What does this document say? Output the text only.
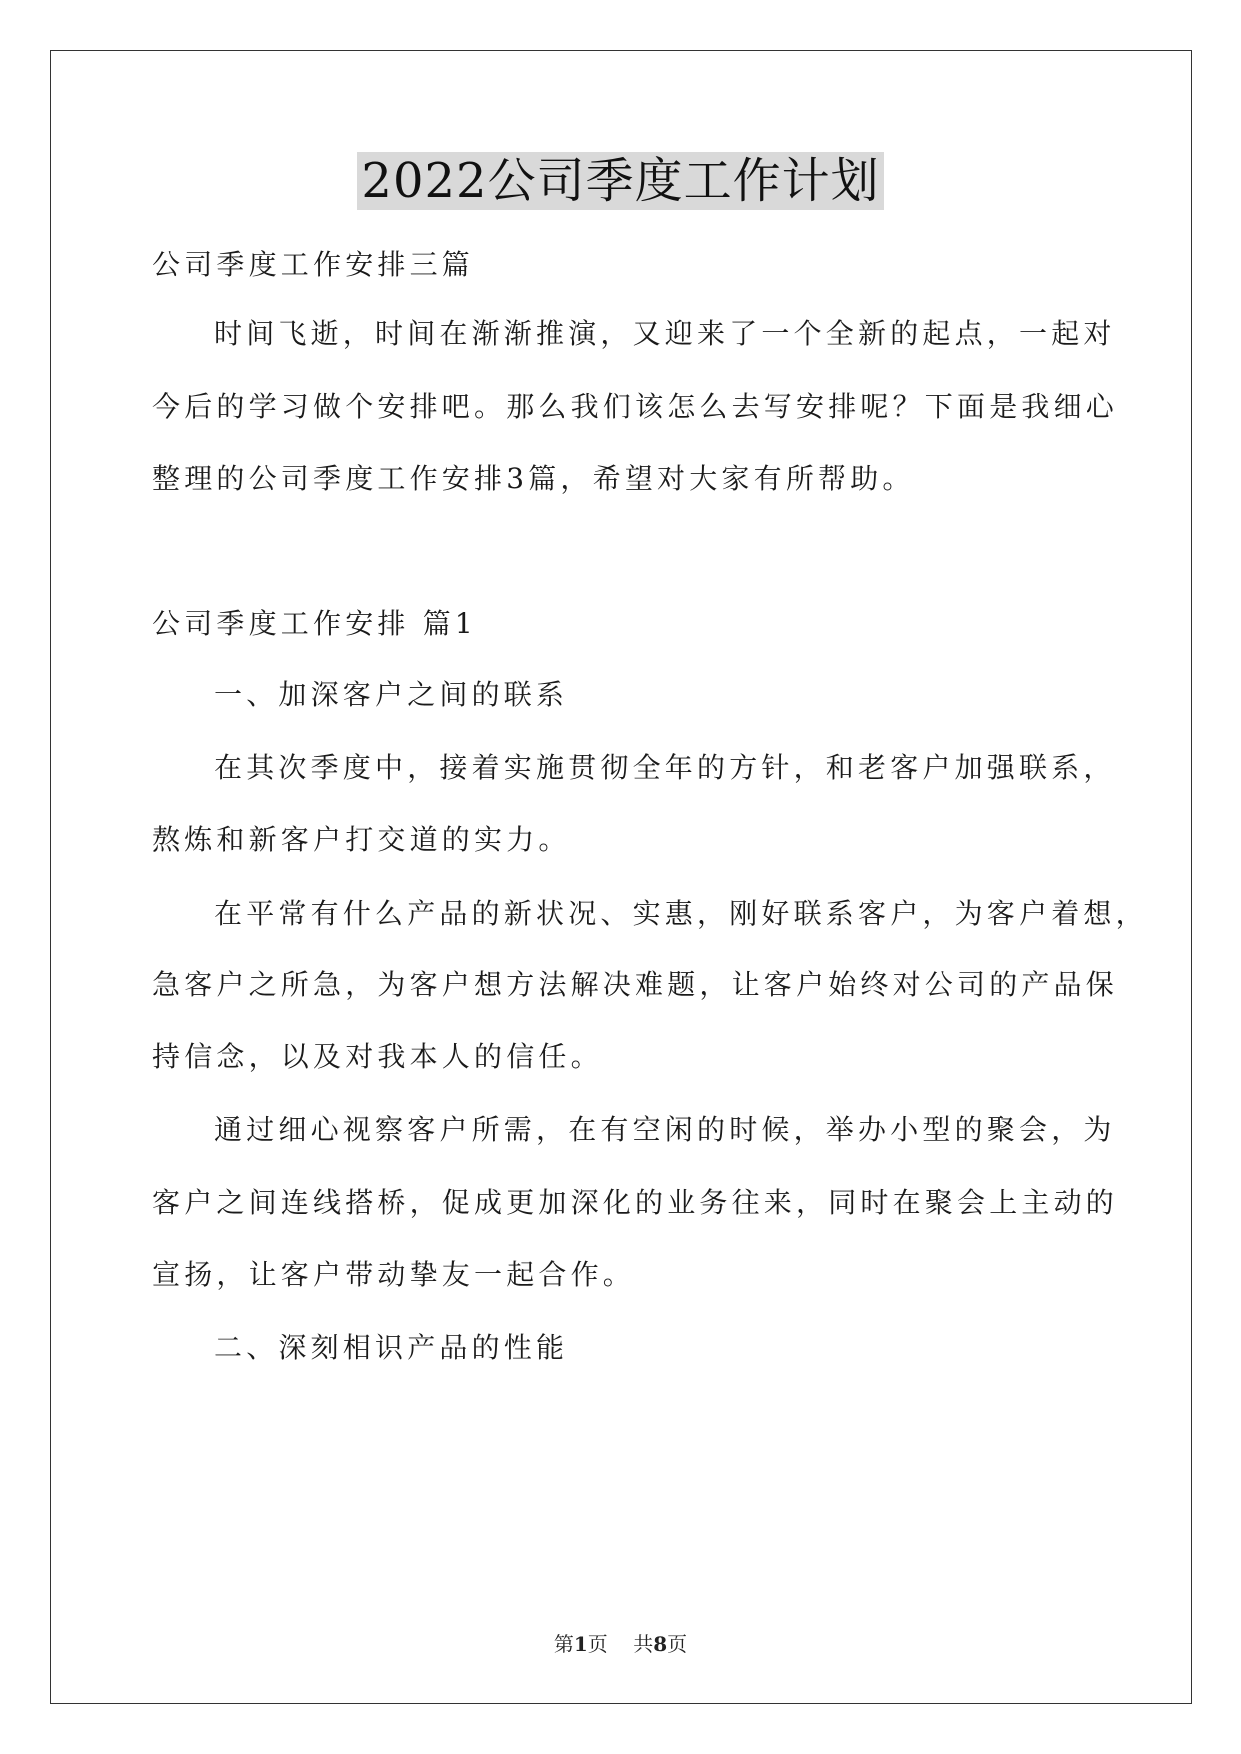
2022公司季度工作计划
公司季度工作安排三篇
时间飞逝，时间在渐渐推演，又迎来了一个全新的起点，一起对
今后的学习做个安排吧。那么我们该怎么去写安排呢？下面是我细心
整理的公司季度工作安排3篇，希望对大家有所帮助。
公司季度工作安排 篇1
一、加深客户之间的联系
在其次季度中，接着实施贯彻全年的方针，和老客户加强联系，
熬炼和新客户打交道的实力。
在平常有什么产品的新状况、实惠，刚好联系客户，为客户着想，
急客户之所急，为客户想方法解决难题，让客户始终对公司的产品保
持信念，以及对我本人的信任。
通过细心视察客户所需，在有空闲的时候，举办小型的聚会，为
客户之间连线搭桥，促成更加深化的业务往来，同时在聚会上主动的
宣扬，让客户带动挚友一起合作。
二、深刻相识产品的性能
第1页 共8页
